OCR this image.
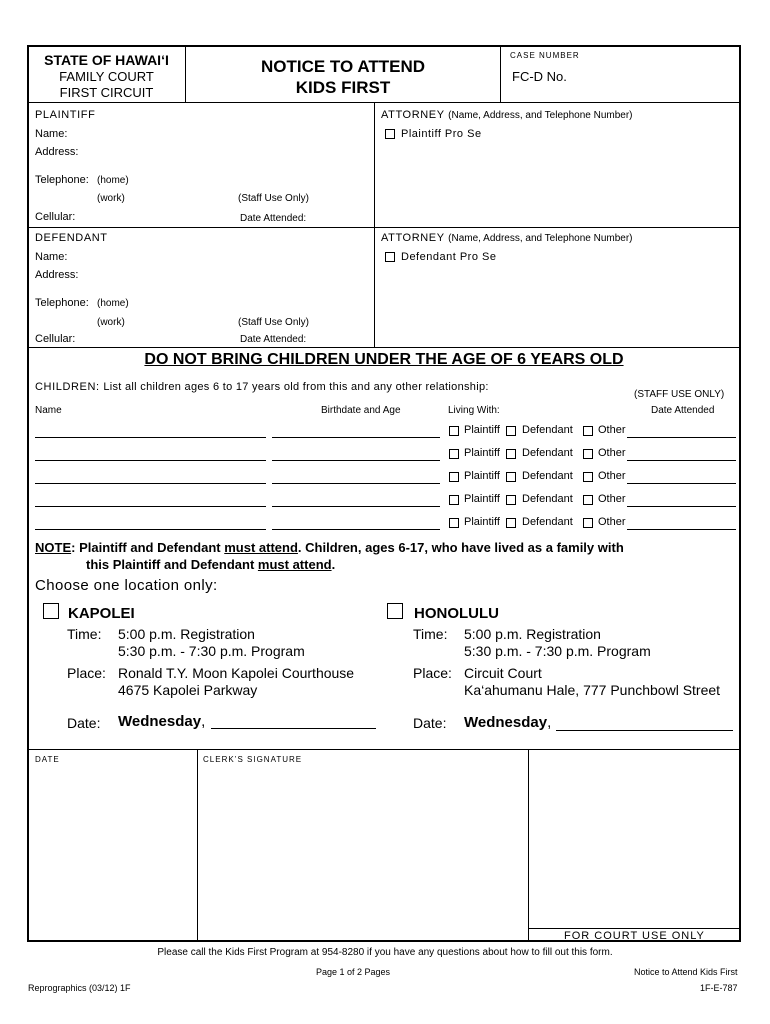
STATE OF HAWAI‘I
FAMILY COURT
FIRST CIRCUIT
NOTICE TO ATTEND
KIDS FIRST
CASE NUMBER
FC-D No.
PLAINTIFF
Name:
Address:
Telephone: (home)
(work)	(Staff Use Only)
Cellular:	Date Attended:
ATTORNEY (Name, Address, and Telephone Number)
Plaintiff Pro Se
DEFENDANT
Name:
Address:
Telephone: (home)
(work)	(Staff Use Only)
Cellular:	Date Attended:
ATTORNEY (Name, Address, and Telephone Number)
Defendant Pro Se
DO NOT BRING CHILDREN UNDER THE AGE OF 6 YEARS OLD
CHILDREN: List all children ages 6 to 17 years old from this and any other relationship:
(STAFF USE ONLY)
Name	Birthdate and Age	Living With:	Date Attended
Plaintiff Defendant Other
Plaintiff Defendant Other
Plaintiff Defendant Other
Plaintiff Defendant Other
Plaintiff Defendant Other
NOTE: Plaintiff and Defendant must attend. Children, ages 6-17, who have lived as a family with
this Plaintiff and Defendant must attend.
Choose one location only:
KAPOLEI
Time: 5:00 p.m. Registration
5:30 p.m. - 7:30 p.m. Program
Place: Ronald T.Y. Moon Kapolei Courthouse
4675 Kapolei Parkway
Date: Wednesday,
HONOLULU
Time: 5:00 p.m. Registration
5:30 p.m. - 7:30 p.m. Program
Place: Circuit Court
Ka‘ahumanu Hale, 777 Punchbowl Street
Date: Wednesday,
DATE	CLERK’S SIGNATURE
FOR COURT USE ONLY
Please call the Kids First Program at 954-8280 if you have any questions about how to fill out this form.
Page 1 of 2 Pages	Notice to Attend Kids First
Reprographics (03/12) 1F	1F-E-787
